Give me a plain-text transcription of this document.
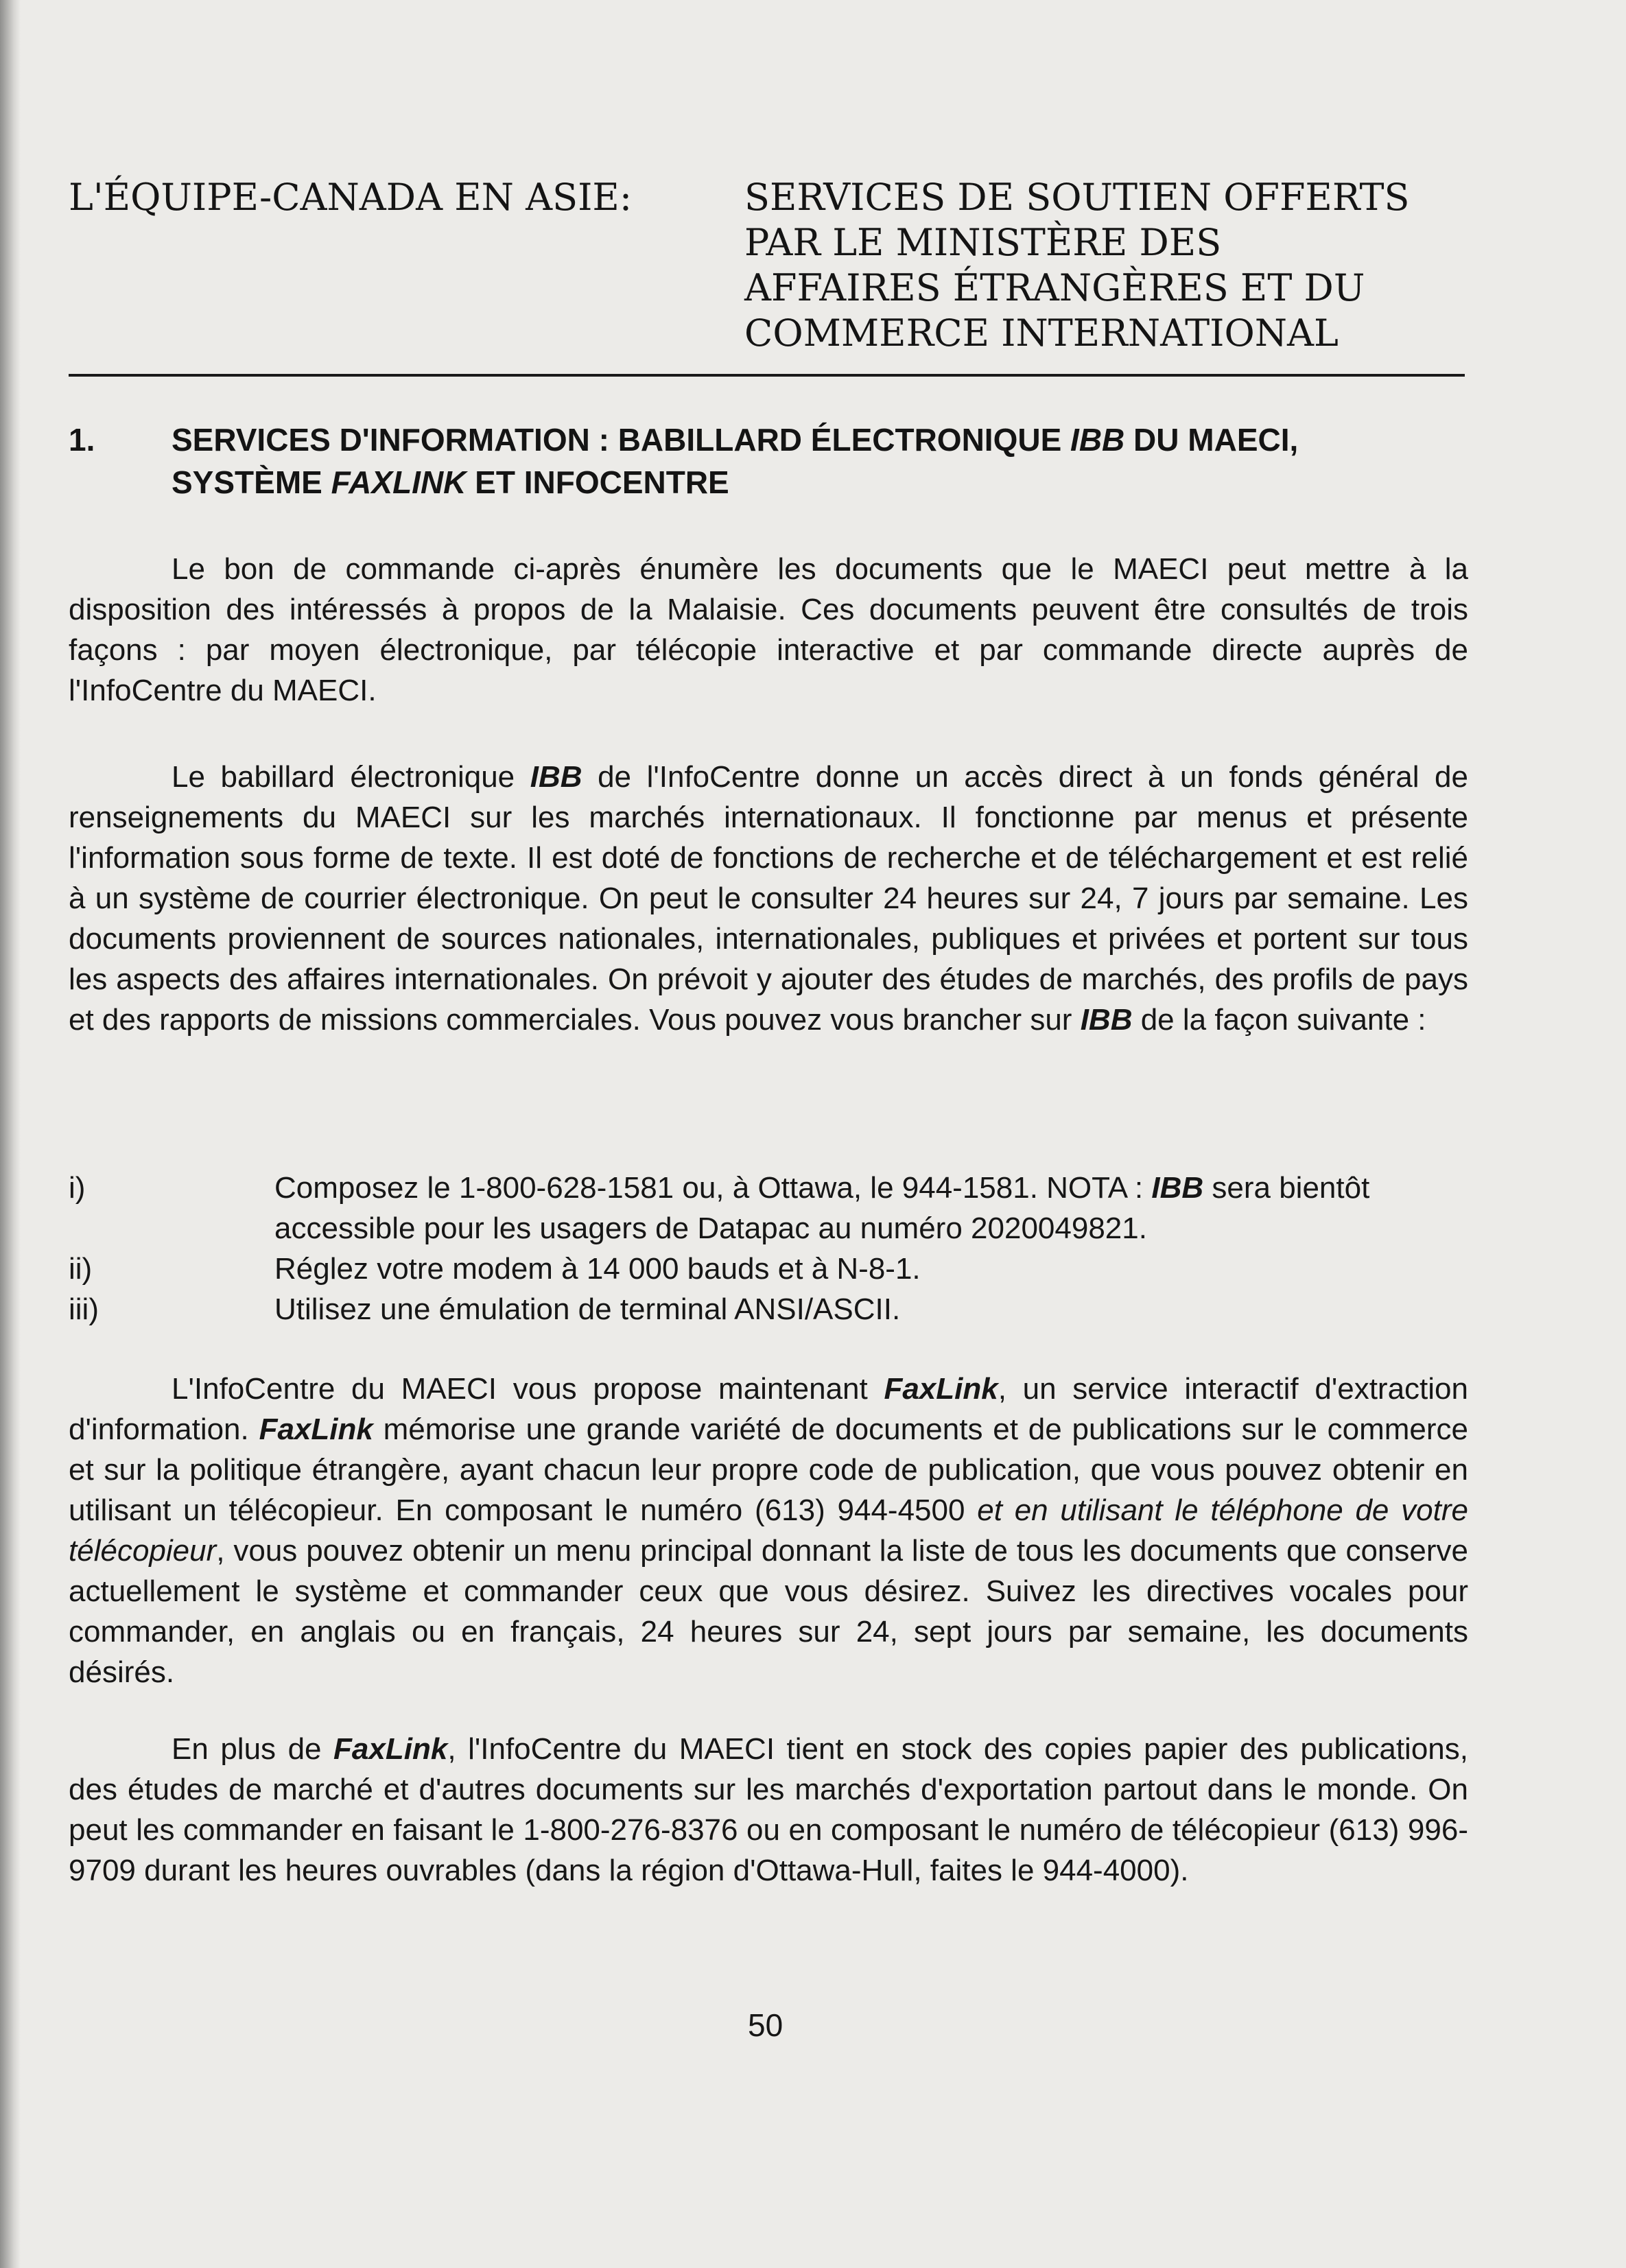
L'ÉQUIPE-CANADA EN ASIE:	SERVICES DE SOUTIEN OFFERTS
PAR LE MINISTÈRE DES
AFFAIRES ÉTRANGÈRES ET DU
COMMERCE INTERNATIONAL
1. SERVICES D'INFORMATION : BABILLARD ÉLECTRONIQUE IBB DU MAECI,
SYSTÈME FAXLINK ET INFOCENTRE
Le bon de commande ci-après énumère les documents que le MAECI peut mettre à la disposition des intéressés à propos de la Malaisie. Ces documents peuvent être consultés de trois façons : par moyen électronique, par télécopie interactive et par commande directe auprès de l'InfoCentre du MAECI.
Le babillard électronique IBB de l'InfoCentre donne un accès direct à un fonds général de renseignements du MAECI sur les marchés internationaux. Il fonctionne par menus et présente l'information sous forme de texte. Il est doté de fonctions de recherche et de téléchargement et est relié à un système de courrier électronique. On peut le consulter 24 heures sur 24, 7 jours par semaine. Les documents proviennent de sources nationales, internationales, publiques et privées et portent sur tous les aspects des affaires internationales. On prévoit y ajouter des études de marchés, des profils de pays et des rapports de missions commerciales. Vous pouvez vous brancher sur IBB de la façon suivante :
i)	Composez le 1-800-628-1581 ou, à Ottawa, le 944-1581. NOTA : IBB sera bientôt accessible pour les usagers de Datapac au numéro 2020049821.
ii)	Réglez votre modem à 14 000 bauds et à N-8-1.
iii)	Utilisez une émulation de terminal ANSI/ASCII.
L'InfoCentre du MAECI vous propose maintenant FaxLink, un service interactif d'extraction d'information. FaxLink mémorise une grande variété de documents et de publications sur le commerce et sur la politique étrangère, ayant chacun leur propre code de publication, que vous pouvez obtenir en utilisant un télécopieur. En composant le numéro (613) 944-4500 et en utilisant le téléphone de votre télécopieur, vous pouvez obtenir un menu principal donnant la liste de tous les documents que conserve actuellement le système et commander ceux que vous désirez. Suivez les directives vocales pour commander, en anglais ou en français, 24 heures sur 24, sept jours par semaine, les documents désirés.
En plus de FaxLink, l'InfoCentre du MAECI tient en stock des copies papier des publications, des études de marché et d'autres documents sur les marchés d'exportation partout dans le monde. On peut les commander en faisant le 1-800-276-8376 ou en composant le numéro de télécopieur (613) 996-9709 durant les heures ouvrables (dans la région d'Ottawa-Hull, faites le 944-4000).
50
